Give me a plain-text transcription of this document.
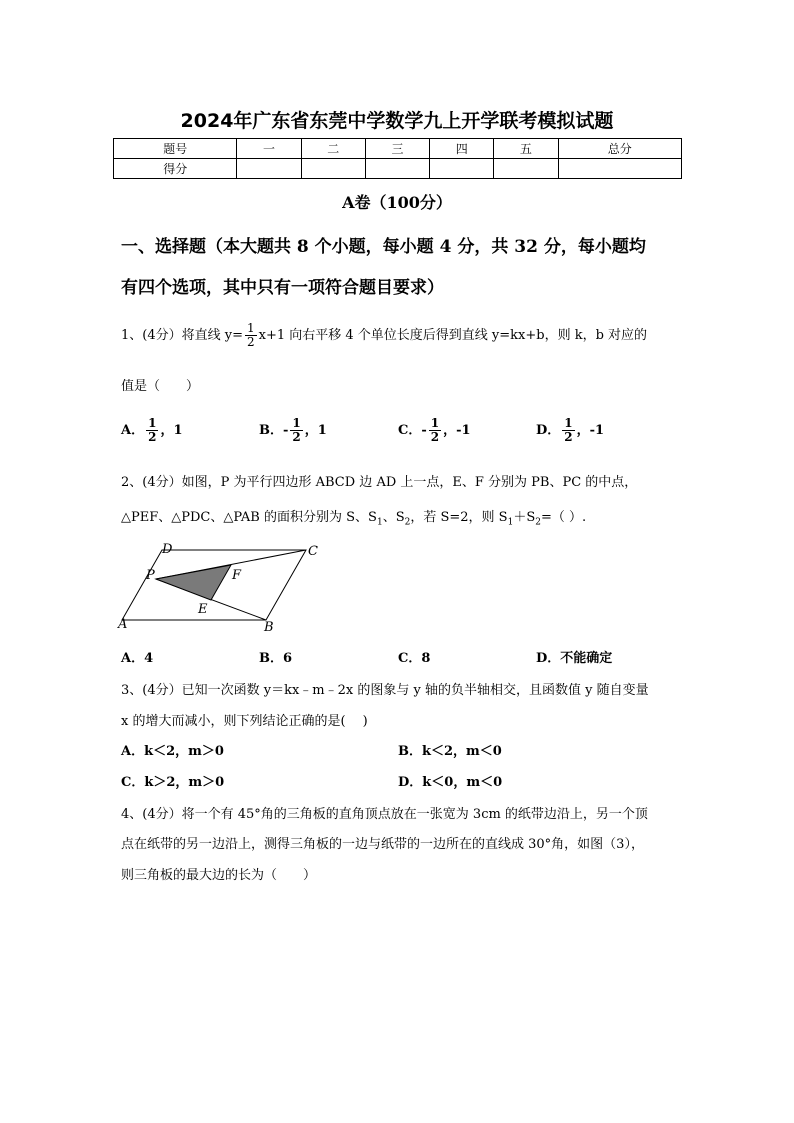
2024年广东省东莞中学数学九上开学联考模拟试题
题号	一	二	三	四	五	总分
得分						
A卷（100分）
一、选择题（本大题共 8 个小题，每小题 4 分，共 32 分，每小题均
有四个选项，其中只有一项符合题目要求）
1、(4分）将直线 $y= \frac{1}{2} x+1$ 向右平移 4 个单位长度后得到直线 y=kx+b，则 k，b 对应的
值是（　　）
A． $\frac{1}{2}$ ，1	B．- $\frac{1}{2}$ ，1	C．- $\frac{1}{2}$ ，-1	D． $\frac{1}{2}$ ，-1
2、(4分）如图，P 为平行四边形 ABCD 边 AD 上一点，E、F 分别为 PB、PC 的中点，
△PEF、△PDC、△PAB 的面积分别为 S、$S_1$、$S_2$，若 S=2，则 $S_1+S_2=$（ ）.
D	C
P	F
E
A	B
A．4	B．6	C．8	D．不能确定
3、(4分）已知一次函数 y＝kx﹣m﹣2x 的图象与 y 轴的负半轴相交，且函数值 y 随自变量
x 的增大而减小，则下列结论正确的是(　 )
A．k＜2，m＞0	B．k＜2，m＜0
C．k＞2，m＞0	D．k＜0，m＜0
4、(4分）将一个有 45°角的三角板的直角顶点放在一张宽为 3cm 的纸带边沿上，另一个顶
点在纸带的另一边沿上，测得三角板的一边与纸带的一边所在的直线成 30°角，如图（3），
则三角板的最大边的长为（　　）
